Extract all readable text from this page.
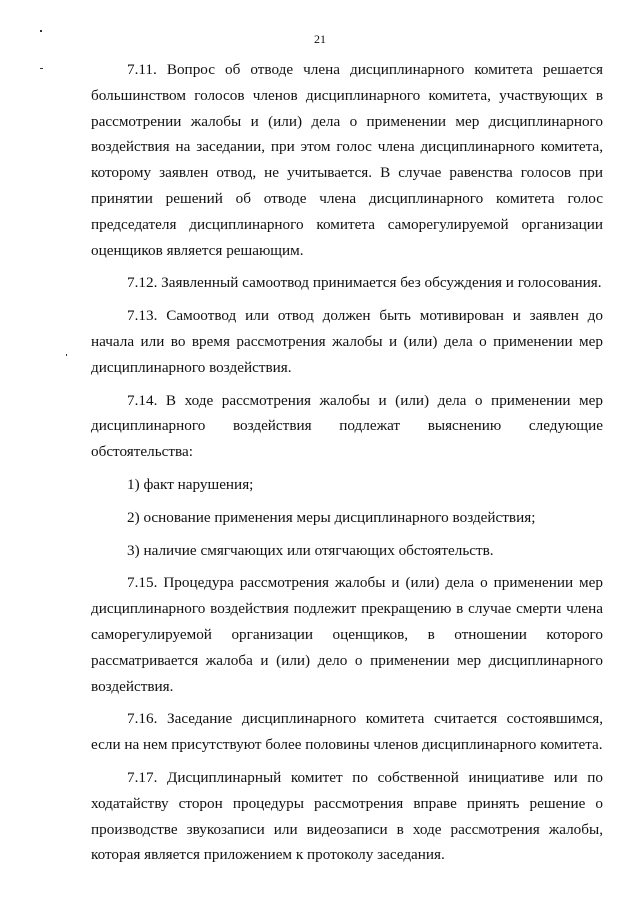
21

7.11. Вопрос об отводе члена дисциплинарного комитета решается большинством голосов членов дисциплинарного комитета, участвующих в рассмотрении жалобы и (или) дела о применении мер дисциплинарного воздействия на заседании, при этом голос члена дисциплинарного комитета, которому заявлен отвод, не учитывается. В случае равенства голосов при принятии решений об отводе члена дисциплинарного комитета голос председателя дисциплинарного комитета саморегулируемой организации оценщиков является решающим.

7.12. Заявленный самоотвод принимается без обсуждения и голосования.

7.13. Самоотвод или отвод должен быть мотивирован и заявлен до начала или во время рассмотрения жалобы и (или) дела о применении мер дисциплинарного воздействия.

7.14. В ходе рассмотрения жалобы и (или) дела о применении мер дисциплинарного воздействия подлежат выяснению следующие обстоятельства:

1) факт нарушения;

2) основание применения меры дисциплинарного воздействия;

3) наличие смягчающих или отягчающих обстоятельств.

7.15. Процедура рассмотрения жалобы и (или) дела о применении мер дисциплинарного воздействия подлежит прекращению в случае смерти члена саморегулируемой организации оценщиков, в отношении которого рассматривается жалоба и (или) дело о применении мер дисциплинарного воздействия.

7.16. Заседание дисциплинарного комитета считается состоявшимся, если на нем присутствуют более половины членов дисциплинарного комитета.

7.17. Дисциплинарный комитет по собственной инициативе или по ходатайству сторон процедуры рассмотрения вправе принять решение о производстве звукозаписи или видеозаписи в ходе рассмотрения жалобы, которая является приложением к протоколу заседания.
